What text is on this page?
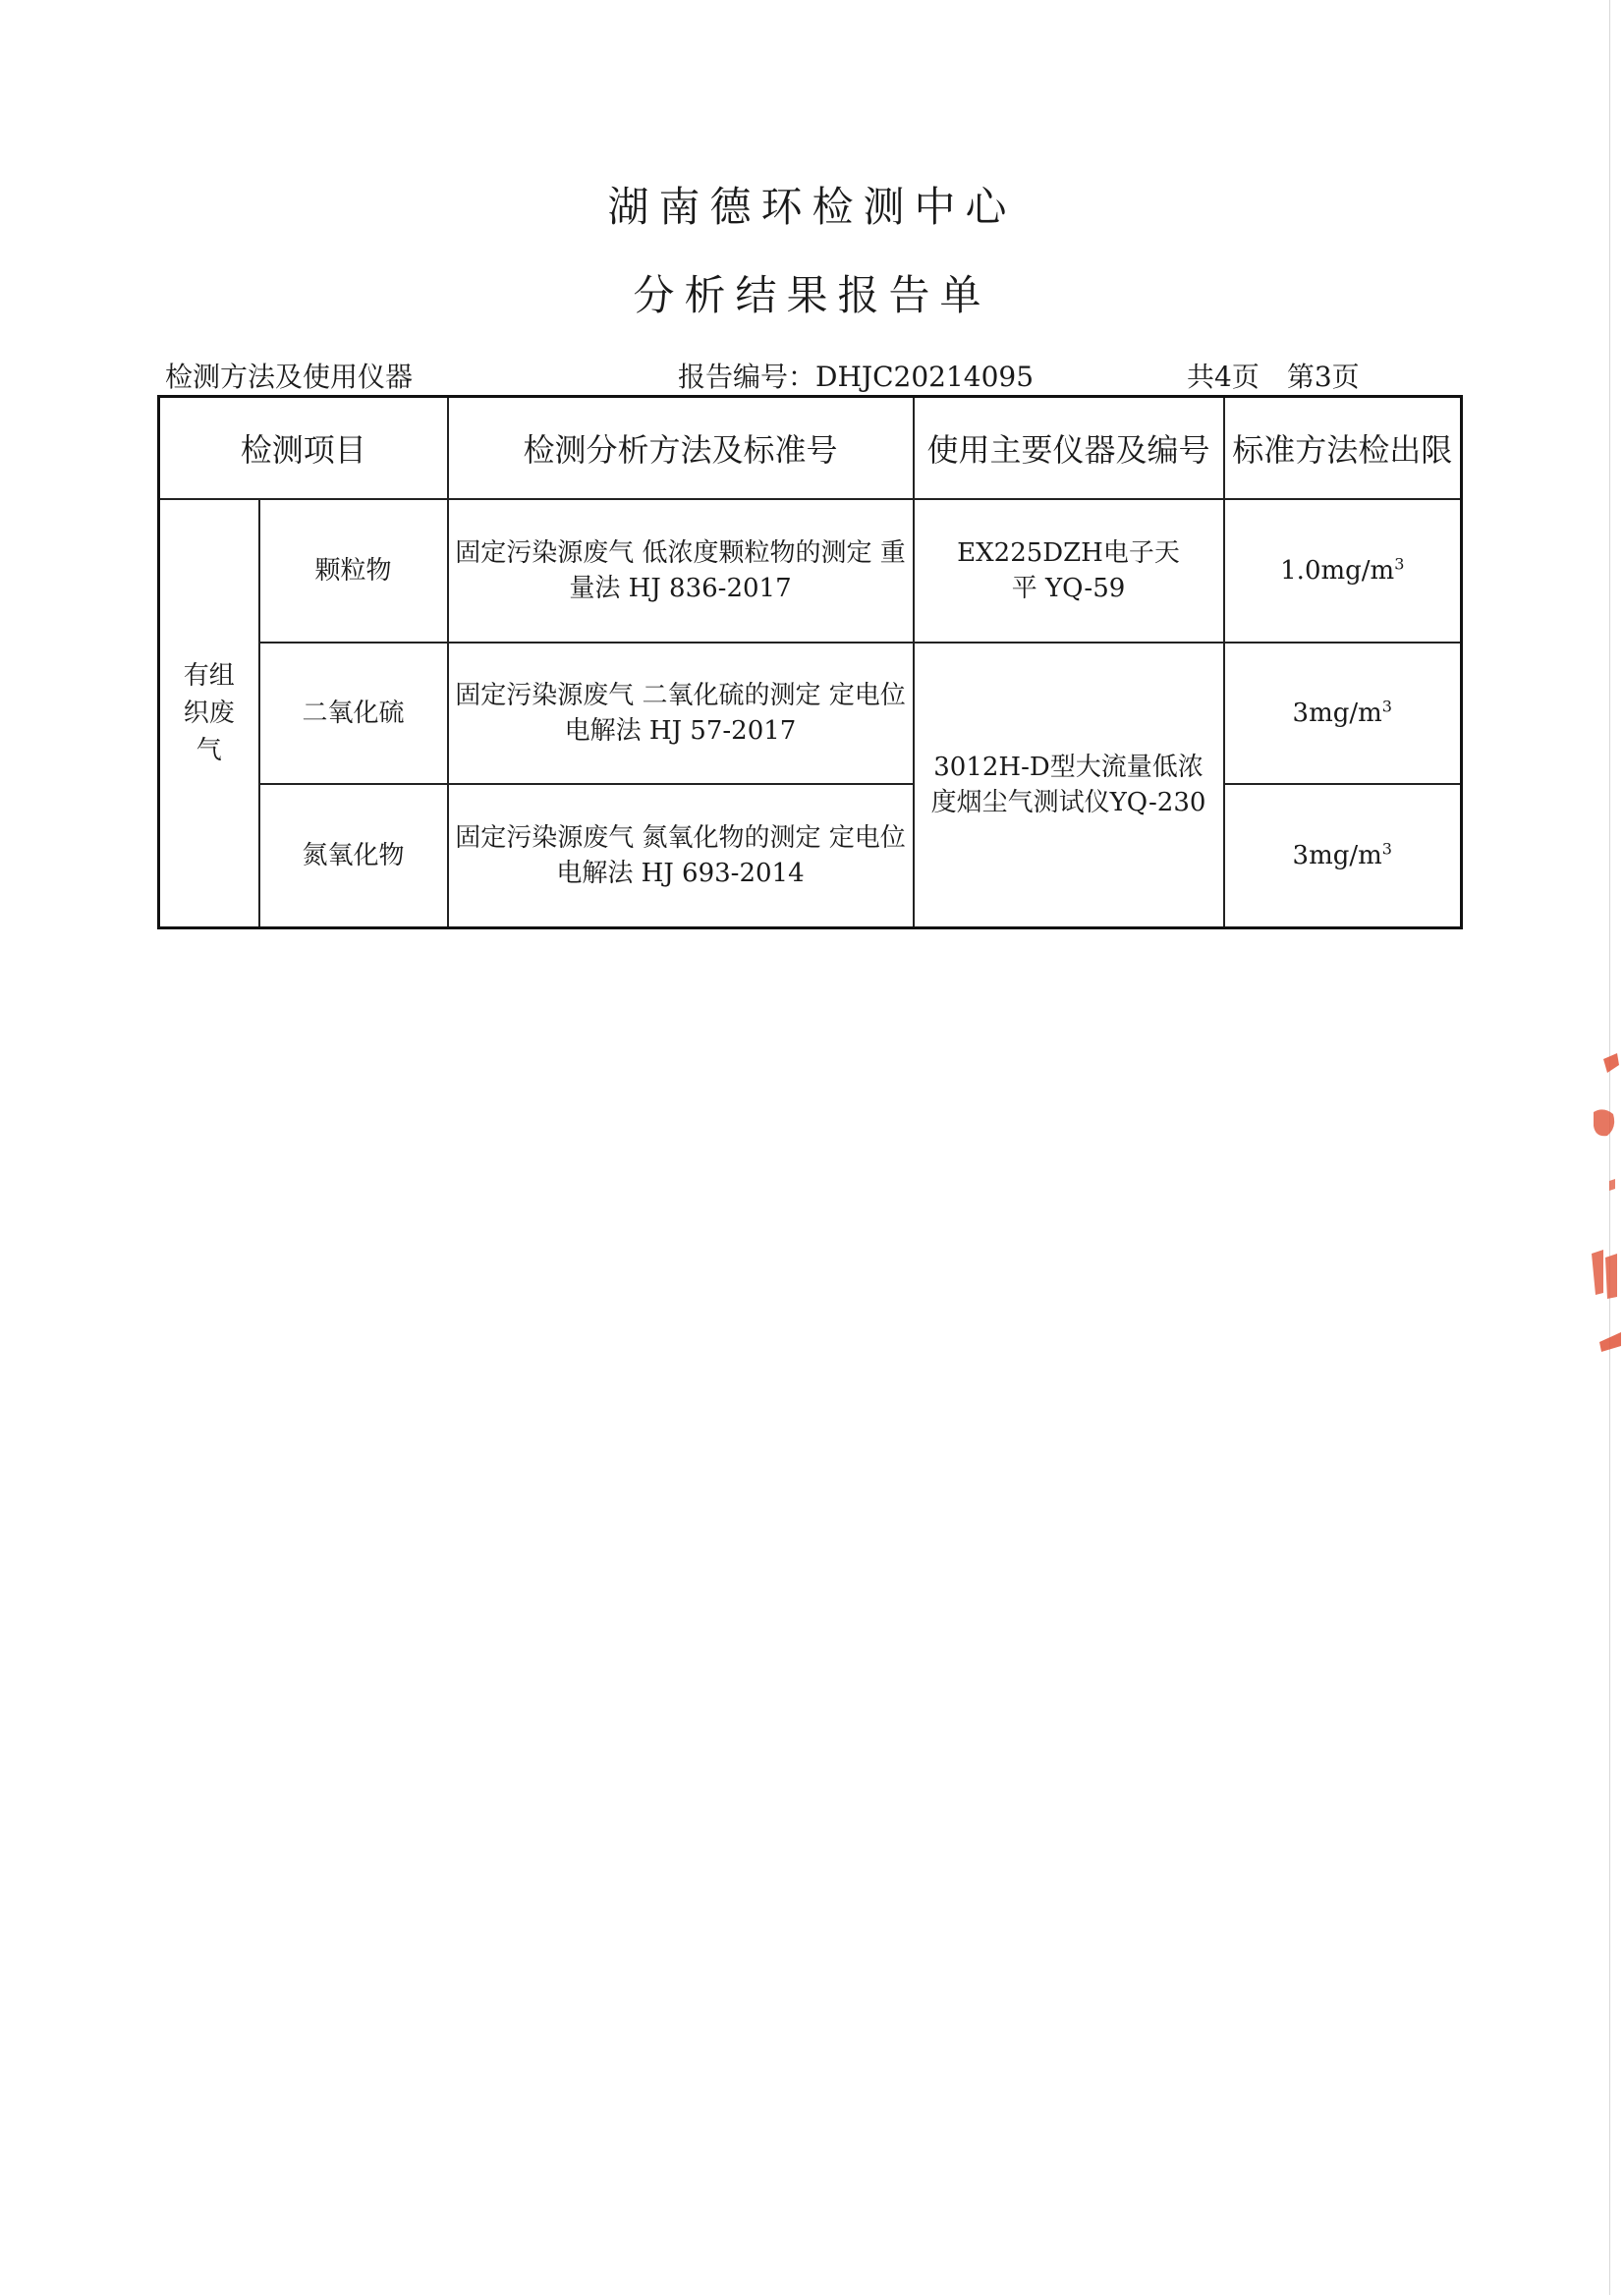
湖南德环检测中心
分析结果报告单
检测方法及使用仪器	报告编号：DHJC20214095	共4页　第3页
检测项目		检测分析方法及标准号	使用主要仪器及编号	标准方法检出限

有组织废气	颗粒物	固定污染源废气 低浓度颗粒物的测定 重量法 HJ 836-2017	EX225DZH电子天平 YQ-59	$1.0mg/m^3$
	二氧化硫	固定污染源废气 二氧化硫的测定 定电位电解法 HJ 57-2017	3012H-D型大流量低浓度烟尘气测试仪YQ-230	$3mg/m^3$
	氮氧化物	固定污染源废气 氮氧化物的测定 定电位电解法 HJ 693-2014		$3mg/m^3$
